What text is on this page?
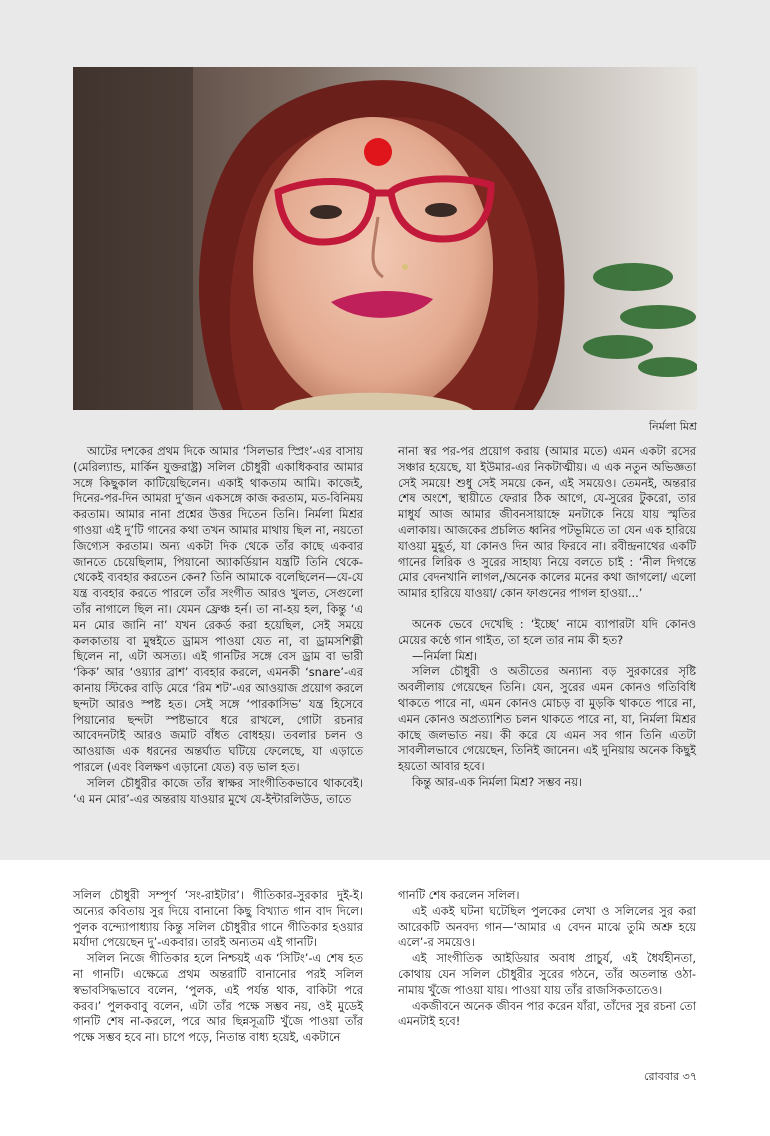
নির্মলা মিশ্র

আটের দশকের প্রথম দিকে আমার ‘সিলভার স্প্রিং’-এর বাসায় (মেরিল্যান্ড, মার্কিন যুক্তরাষ্ট্র) সলিল চৌধুরী একাধিকবার আমার সঙ্গে কিছুকাল কাটিয়েছিলেন। একাই থাকতাম আমি। কাজেই, দিনের-পর-দিন আমরা দু’জন একসঙ্গে কাজ করতাম, মত-বিনিময় করতাম। আমার নানা প্রশ্নের উত্তর দিতেন তিনি। নির্মলা মিশ্রর গাওয়া এই দু’টি গানের কথা তখন আমার মাথায় ছিল না, নয়তো জিগ্যেস করতাম। অন্য একটা দিক থেকে তাঁর কাছে একবার জানতে চেয়েছিলাম, পিয়ানো অ্যাকর্ডিয়ান যন্ত্রটি তিনি থেকে-থেকেই ব্যবহার করতেন কেন? তিনি আমাকে বলেছিলেন—যে-যে যন্ত্র ব্যবহার করতে পারলে তাঁর সংগীত আরও খুলত, সেগুলো তাঁর নাগালে ছিল না। যেমন ফ্রেঞ্চ হর্ন। তা না-হয় হল, কিন্তু ‘এ মন মোর জানি না’ যখন রেকর্ড করা হয়েছিল, সেই সময়ে কলকাতায় বা মুম্বইতে ড্রামস পাওয়া যেত না, বা ড্রামসশিল্পী ছিলেন না, এটা অসত্য। এই গানটির সঙ্গে বেস ড্রাম বা ভারী ‘কিক’ আর ‘ওয়্যার ব্রাশ’ ব্যবহার করলে, এমনকী ‘snare’-এর কানায় স্টিকের বাড়ি মেরে ‘রিম শট’-এর আওয়াজ প্রয়োগ করলে ছন্দটা আরও স্পষ্ট হত। সেই সঙ্গে ‘পারকাসিভ’ যন্ত্র হিসেবে পিয়ানোর ছন্দটা স্পষ্টভাবে ধরে রাখলে, গোটা রচনার আবেদনটাই আরও জমাট বাঁধত বোধহয়। তবলার চলন ও আওয়াজ এক ধরনের অন্তর্ঘাত ঘটিয়ে ফেলেছে, যা এড়াতে পারলে (এবং বিলক্ষণ এড়ানো যেত) বড় ভাল হত।

সলিল চৌধুরীর কাজে তাঁর স্বাক্ষর সাংগীতিকভাবে থাকবেই। ‘এ মন মোর’-এর অন্তরায় যাওয়ার মুখে যে-ইন্টারলিউড, তাতে

নানা স্বর পর-পর প্রয়োগ করায় (আমার মতে) এমন একটা রসের সঞ্চার হয়েছে, যা ইউমার-এর নিকটাত্মীয়। এ এক নতুন অভিজ্ঞতা সেই সময়ে! শুধু সেই সময়ে কেন, এই সময়েও। তেমনই, অন্তরার শেষ অংশে, স্থায়ীতে ফেরার ঠিক আগে, যে-সুরের টুকরো, তার মাধুর্য আজ আমার জীবনসায়াহ্নে মনটাকে নিয়ে যায় স্মৃতির এলাকায়। আজকের প্রচলিত ধ্বনির পটভূমিতে তা যেন এক হারিয়ে যাওয়া মুহূর্ত, যা কোনও দিন আর ফিরবে না। রবীন্দ্রনাথের একটি গানের লিরিক ও সুরের সাহায্য নিয়ে বলতে চাই : ‘নীল দিগন্তে মোর বেদনখানি লাগল,/অনেক কালের মনের কথা জাগলো/ এলো আমার হারিয়ে যাওয়া/ কোন ফাগুনের পাগল হাওয়া...’

অনেক ভেবে দেখেছি : ‘ইচ্ছে’ নামে ব্যাপারটা যদি কোনও মেয়ের কণ্ঠে গান গাইত, তা হলে তার নাম কী হত?

—নির্মলা মিশ্র।

সলিল চৌধুরী ও অতীতের অন্যান্য বড় সুরকারের সৃষ্টি অবলীলায় গেয়েছেন তিনি। যেন, সুরের এমন কোনও গতিবিধি থাকতে পারে না, এমন কোনও মোচড় বা মুড়কি থাকতে পারে না, এমন কোনও অপ্রত্যাশিত চলন থাকতে পারে না, যা, নির্মলা মিশ্রর কাছে জলভাত নয়। কী করে যে এমন সব গান তিনি এতটা সাবলীলভাবে গেয়েছেন, তিনিই জানেন। এই দুনিয়ায় অনেক কিছুই হয়তো আবার হবে।

কিন্তু আর-এক নির্মলা মিশ্র? সম্ভব নয়।

সলিল চৌধুরী সম্পূর্ণ ‘সং-রাইটার’। গীতিকার-সুরকার দুই-ই। অন্যের কবিতায় সুর দিয়ে বানানো কিছু বিখ্যাত গান বাদ দিলে। পুলক বন্দ্যোপাধ্যায় কিন্তু সলিল চৌধুরীর গানে গীতিকার হওয়ার মর্যাদা পেয়েছেন দু’-একবার। তারই অন্যতম এই গানটি।

সলিল নিজে গীতিকার হলে নিশ্চয়ই এক ‘সিটিং’-এ শেষ হত না গানটি। এক্ষেত্রে প্রথম অন্তরাটি বানানোর পরই সলিল স্বভাবসিদ্ধভাবে বলেন, ‘পুলক, এই পর্যন্ত থাক, বাকিটা পরে করব।’ পুলকবাবু বলেন, এটা তাঁর পক্ষে সম্ভব নয়, ওই মুডেই গানটি শেষ না-করলে, পরে আর ছিন্নসূত্রটি খুঁজে পাওয়া তাঁর পক্ষে সম্ভব হবে না। চাপে পড়ে, নিতান্ত বাধ্য হয়েই, একটানে

গানটি শেষ করলেন সলিল।

এই একই ঘটনা ঘটেছিল পুলকের লেখা ও সলিলের সুর করা আরেকটি অনবদ্য গান—‘আমার এ বেদন মাঝে তুমি অশ্রু হয়ে এলে’-র সময়েও।

এই সাংগীতিক আইডিয়ার অবাধ প্রাচুর্য, এই ধৈর্যহীনতা, কোথায় যেন সলিল চৌধুরীর সুরের গঠনে, তাঁর অতলান্ত ওঠা-নামায় খুঁজে পাওয়া যায়। পাওয়া যায় তাঁর রাজসিকতাতেও।

একজীবনে অনেক জীবন পার করেন যাঁরা, তাঁদের সুর রচনা তো এমনটাই হবে!

রোববার ৩৭
